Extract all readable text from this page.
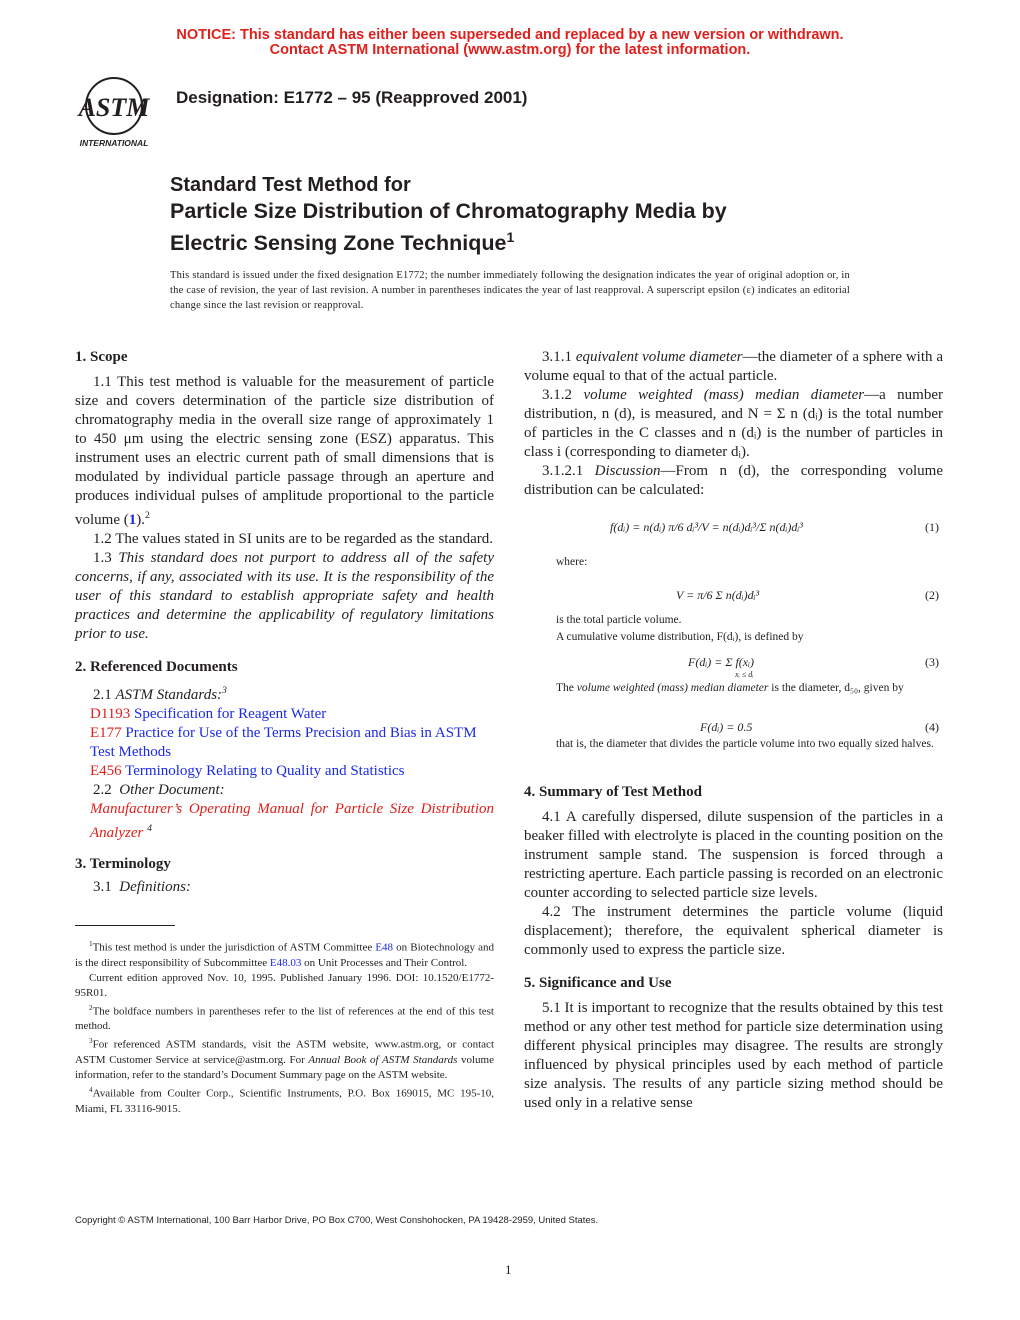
NOTICE: This standard has either been superseded and replaced by a new version or withdrawn.
Contact ASTM International (www.astm.org) for the latest information.
ASTM
INTERNATIONAL
Designation: E1772 – 95 (Reapproved 2001)
Standard Test Method for
Particle Size Distribution of Chromatography Media by
Electric Sensing Zone Technique$^1$
This standard is issued under the fixed designation E1772; the number immediately following the designation indicates the year of original adoption or, in the case of revision, the year of last revision. A number in parentheses indicates the year of last reapproval. A superscript epsilon (ε) indicates an editorial change since the last revision or reapproval.
1. Scope

1.1 This test method is valuable for the measurement of particle size and covers determination of the particle size distribution of chromatography media in the overall size range of approximately 1 to 450 μm using the electric sensing zone (ESZ) apparatus. This instrument uses an electric current path of small dimensions that is modulated by individual particle passage through an aperture and produces individual pulses of amplitude proportional to the particle volume (1).$^2$

1.2 The values stated in SI units are to be regarded as the standard.

1.3 This standard does not purport to address all of the safety concerns, if any, associated with its use. It is the responsibility of the user of this standard to establish appropriate safety and health practices and determine the applicability of regulatory limitations prior to use.

2. Referenced Documents
2.1 ASTM Standards:$^3$
D1193 Specification for Reagent Water
E177 Practice for Use of the Terms Precision and Bias in ASTM Test Methods
E456 Terminology Relating to Quality and Statistics
2.2 Other Document:
Manufacturer’s Operating Manual for Particle Size Distribution Analyzer $^4$
3. Terminology
3.1 Definitions:
$^1$This test method is under the jurisdiction of ASTM Committee E48 on Biotechnology and is the direct responsibility of Subcommittee E48.03 on Unit Processes and Their Control.
Current edition approved Nov. 10, 1995. Published January 1996. DOI: 10.1520/E1772-95R01.
$^2$The boldface numbers in parentheses refer to the list of references at the end of this test method.
$^3$For referenced ASTM standards, visit the ASTM website, www.astm.org, or contact ASTM Customer Service at service@astm.org. For Annual Book of ASTM Standards volume information, refer to the standard’s Document Summary page on the ASTM website.
$^4$Available from Coulter Corp., Scientific Instruments, P.O. Box 169015, MC 195-10, Miami, FL 33116-9015.

3.1.1 equivalent volume diameter—the diameter of a sphere with a volume equal to that of the actual particle.

3.1.2 volume weighted (mass) median diameter—a number distribution, n (d), is measured, and N = Σ n (dᵢ) is the total number of particles in the C classes and n (dᵢ) is the number of particles in class i (corresponding to diameter dᵢ).

3.1.2.1 Discussion—From n (d), the corresponding volume distribution can be calculated:

f(dᵢ) = n(dᵢ) π/6 dᵢ³/V = n(dᵢ)dᵢ³/Σ n(dᵢ)dᵢ³	(1)
where:
V = π/6 Σ n(dᵢ)dᵢ³	(2)
is the total particle volume.
A cumulative volume distribution, F(dᵢ), is defined by
F(dᵢ) = Σ f(xᵢ)
xᵢ ≤ dᵢ
(3)
The volume weighted (mass) median diameter is the diameter, d₅₀, given by
F(dᵢ) = 0.5	(4)
that is, the diameter that divides the particle volume into two equally sized halves.
4. Summary of Test Method

4.1 A carefully dispersed, dilute suspension of the particles in a beaker filled with electrolyte is placed in the counting position on the instrument sample stand. The suspension is forced through a restricting aperture. Each particle passing is recorded on an electronic counter according to selected particle size levels.

4.2 The instrument determines the particle volume (liquid displacement); therefore, the equivalent spherical diameter is commonly used to express the particle size.

5. Significance and Use

5.1 It is important to recognize that the results obtained by this test method or any other test method for particle size determination using different physical principles may disagree. The results are strongly influenced by physical principles used by each method of particle size analysis. The results of any particle sizing method should be used only in a relative sense

Copyright © ASTM International, 100 Barr Harbor Drive, PO Box C700, West Conshohocken, PA 19428-2959, United States.
1
